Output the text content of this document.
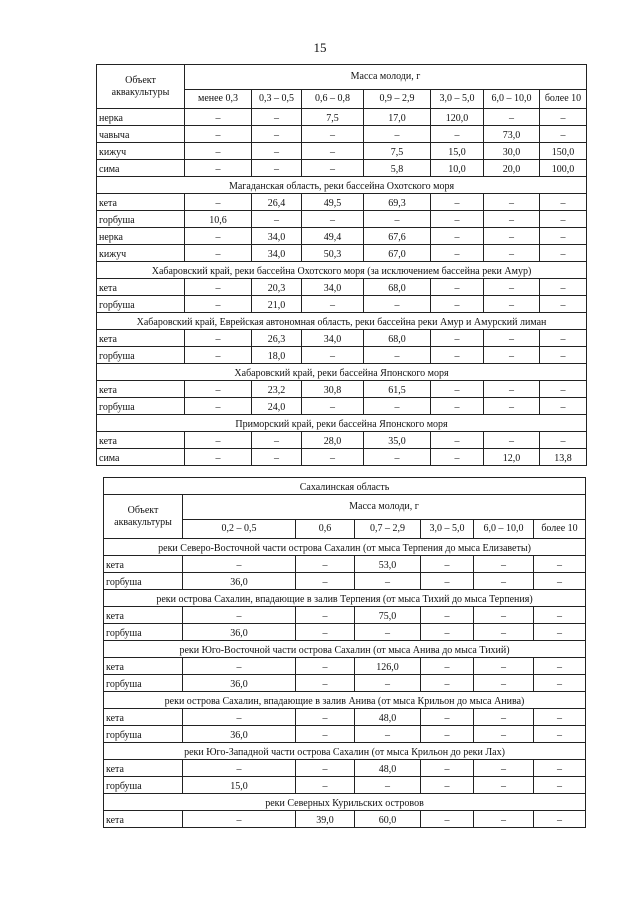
15
Объект аквакультуры	Масса молоди, г						
	менее 0,3	0,3 – 0,5	0,6 – 0,8	0,9 – 2,9	3,0 – 5,0	6,0 – 10,0	более 10
нерка	–	–	7,5	17,0	120,0	–	–
чавыча	–	–	–	–	–	73,0	–
кижуч	–	–	–	7,5	15,0	30,0	150,0
сима	–	–	–	5,8	10,0	20,0	100,0
Магаданская область, реки бассейна Охотского моря							
кета	–	26,4	49,5	69,3	–	–	–
горбуша	10,6	–	–	–	–	–	–
нерка	–	34,0	49,4	67,6	–	–	–
кижуч	–	34,0	50,3	67,0	–	–	–
Хабаровский край, реки бассейна Охотского моря (за исключением бассейна реки Амур)							
кета	–	20,3	34,0	68,0	–	–	–
горбуша	–	21,0	–	–	–	–	–
Хабаровский край, Еврейская автономная область, реки бассейна реки Амур и Амурский лиман							
кета	–	26,3	34,0	68,0	–	–	–
горбуша	–	18,0	–	–	–	–	–
Хабаровский край, реки бассейна Японского моря							
кета	–	23,2	30,8	61,5	–	–	–
горбуша	–	24,0	–	–	–	–	–
Приморский край, реки бассейна Японского моря							
кета	–	–	28,0	35,0	–	–	–
сима	–	–	–	–	–	12,0	13,8
Сахалинская область						
Объект аквакультуры	Масса молоди, г					
	0,2 – 0,5	0,6	0,7 – 2,9	3,0 – 5,0	6,0 – 10,0	более 10
реки Северо-Восточной части острова Сахалин (от мыса Терпения до мыса Елизаветы)						
кета	–	–	53,0	–	–	–
горбуша	36,0	–	–	–	–	–
реки острова Сахалин, впадающие в залив Терпения (от мыса Тихий до мыса Терпения)						
кета	–	–	75,0	–	–	–
горбуша	36,0	–	–	–	–	–
реки Юго-Восточной части острова Сахалин (от мыса Анива до мыса Тихий)						
кета	–	–	126,0	–	–	–
горбуша	36,0	–	–	–	–	–
реки острова Сахалин, впадающие в залив Анива (от мыса Крильон до мыса Анива)						
кета	–	–	48,0	–	–	–
горбуша	36,0	–	–	–	–	–
реки Юго-Западной части острова Сахалин (от мыса Крильон до реки Лах)						
кета	–	–	48,0	–	–	–
горбуша	15,0	–	–	–	–	–
реки Северных Курильских островов						
кета	–	39,0	60,0	–	–	–
